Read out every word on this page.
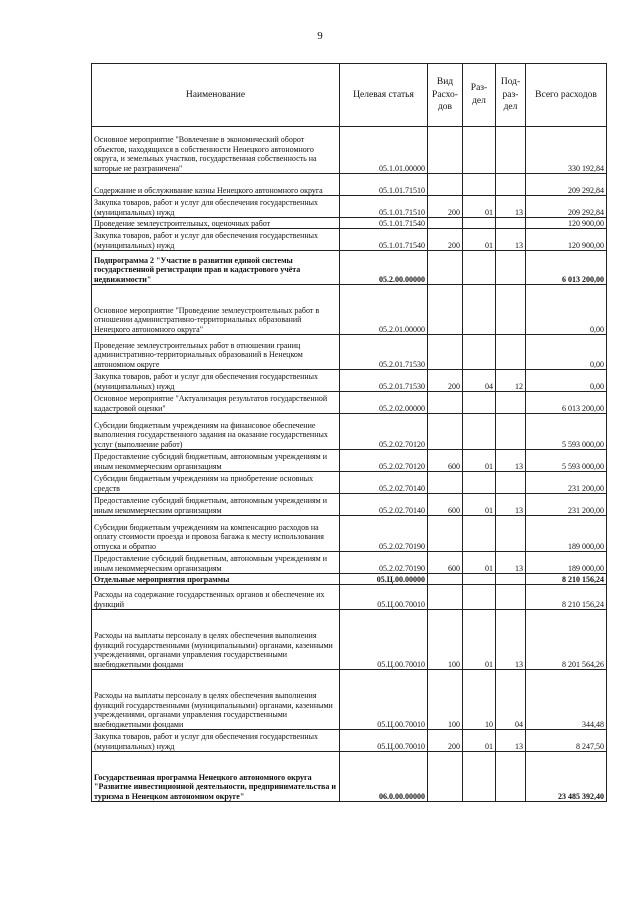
9
Наименование	Целевая статья	Вид Расхо-дов	Раз-дел	Под-раз-дел	Всего расходов
Основное мероприятие "Вовлечение в экономический оборот объектов, находящихся в собственности Ненецкого автономного округа, и земельных участков, государственная собственность на которые не разграничена"	05.1.01.00000				330 192,84
Содержание и обслуживание казны Ненецкого автономного округа	05.1.01.71510				209 292,84
Закупка товаров, работ и услуг для обеспечения государственных (муниципальных) нужд	05.1.01.71510	200	01	13	209 292,84
Проведение землеустроительных, оценочных работ	05.1.01.71540				120 900,00
Закупка товаров, работ и услуг для обеспечения государственных (муниципальных) нужд	05.1.01.71540	200	01	13	120 900,00
Подпрограмма 2 "Участие в развитии единой системы государственной регистрации прав и кадастрового учёта недвижимости"	05.2.00.00000				6 013 200,00
Основное мероприятие "Проведение землеустроительных работ в отношении административно-территориальных образований Ненецкого автономного округа"	05.2.01.00000				0,00
Проведение землеустроительных работ в отношении границ административно-территориальных образований в Ненецком автономном округе	05.2.01.71530				0,00
Закупка товаров, работ и услуг для обеспечения государственных (муниципальных) нужд	05.2.01.71530	200	04	12	0,00
Основное мероприятие "Актуализация результатов государственной кадастровой оценки"	05.2.02.00000				6 013 200,00
Субсидии бюджетным учреждениям на финансовое обеспечение выполнения государственного задания на оказание государственных услуг (выполнение работ)	05.2.02.70120				5 593 000,00
Предоставление субсидий бюджетным, автономным учреждениям и иным некоммерческим организациям	05.2.02.70120	600	01	13	5 593 000,00
Субсидии бюджетным учреждениям на приобретение основных средств	05.2.02.70140				231 200,00
Предоставление субсидий бюджетным, автономным учреждениям и иным некоммерческим организациям	05.2.02.70140	600	01	13	231 200,00
Субсидии бюджетным учреждениям на компенсацию расходов на оплату стоимости проезда и провоза багажа к месту использования отпуска и обратно	05.2.02.70190				189 000,00
Предоставление субсидий бюджетным, автономным учреждениям и иным некоммерческим организациям	05.2.02.70190	600	01	13	189 000,00
Отдельные мероприятия программы	05.Ц.00.00000				8 210 156,24
Расходы на содержание государственных органов и обеспечение их функций	05.Ц.00.70010				8 210 156,24
Расходы на выплаты персоналу в целях обеспечения выполнения функций государственными (муниципальными) органами, казенными учреждениями, органами управления государственными внебюджетными фондами	05.Ц.00.70010	100	01	13	8 201 564,26
Расходы на выплаты персоналу в целях обеспечения выполнения функций государственными (муниципальными) органами, казенными учреждениями, органами управления государственными внебюджетными фондами	05.Ц.00.70010	100	10	04	344,48
Закупка товаров, работ и услуг для обеспечения государственных (муниципальных) нужд	05.Ц.00.70010	200	01	13	8 247,50
Государственная программа Ненецкого автономного округа "Развитие инвестиционной деятельности, предпринимательства и туризма в Ненецком автономном округе"	06.0.00.00000				23 485 392,40
